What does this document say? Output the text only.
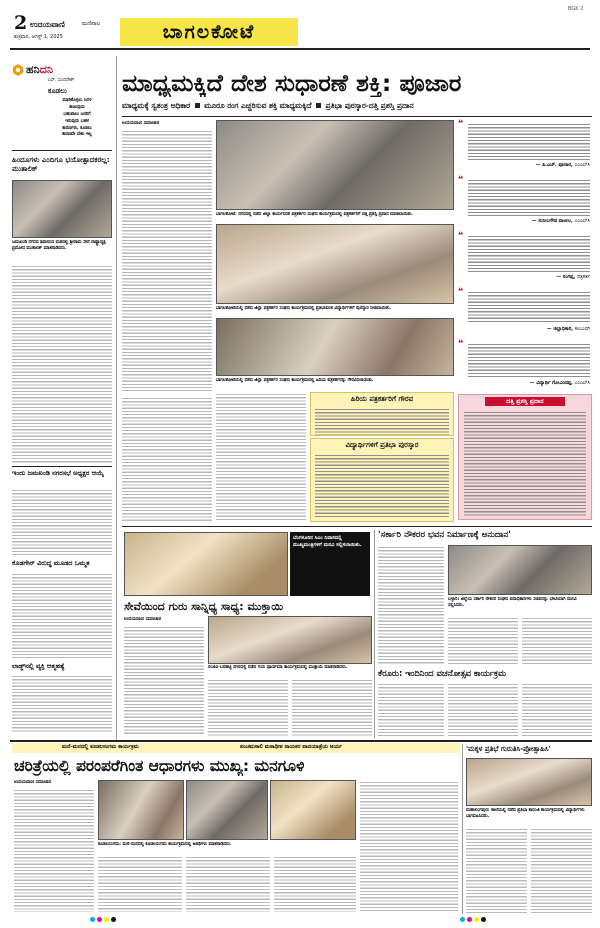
2 ಉದಯವಾಣಿ	ಮಣಿಪಾಲ
ಶುಕ್ರವಾರ, ಆಗಸ್ಟ್ 1, 2025	ಬಾಗಲಕೋಟೆ
BGK 2
ಹನಿದನಿ
ಎಸ್. ಸುಂದರೇಶ್
ಕೂಡಲು
ಮಾಡಿಕೊಳ್ಳಲು ಜಗಳ
ಕಾಣುವುದು
ಬಹುಪಾಲು ಜನರಿಗೆ
ಇರುವುದು ಬಹಳ
ಕಾರಣಗಳು, ಕೂಡಲು
ಕಾರಣವೇ ಬೇಕು ಇಲ್ಲ
ಹಿಂದೂಗಳು ಎಂದಿಗೂ ಭಯೋತ್ಪಾದಕರಲ್ಲ: ಮುತಾಲಿಕ್
ಜಮಖಂಡಿ ನಗರದ ಶಿವಾನಂದ ಮಠದಲ್ಲಿ ಶ್ರೀರಾಮ ಸೇನೆ ರಾಷ್ಟ್ರಾಧ್ಯಕ್ಷ ಪ್ರಮೋದ ಮುತಾಲಿಕ್ ಮಾತನಾಡಿದರು.
ಇಂದು ಜಮಖಂಡಿ ನಗರಸಭೆ ಅಧ್ಯಕ್ಷರ ಆಯ್ಕೆ
ಕೊಡಗೇನ್ ವಿರುದ್ಧ ಮೂಡದ ಒಮ್ಮತ
ಲಾಡ್ಜ್‌ನಲ್ಲಿ ವ್ಯಕ್ತಿ ಆತ್ಮಹತ್ಯೆ
ಮಾಧ್ಯಮಕ್ಕಿದೆ ದೇಶ ಸುಧಾರಣೆ ಶಕ್ತಿ: ಪೂಜಾರ
ಮಾಧ್ಯಮಕ್ಕೆ ಸ್ವತಂತ್ರ ಅಧಿಕಾರ ಮೂರೂ ರಂಗ ಎಚ್ಚರಿಸುವ ಶಕ್ತಿ ಮಾಧ್ಯಮಕ್ಕಿದೆ ಪ್ರತಿಭಾ ಪುರಸ್ಕಾರ-ದತ್ತಿ ಪ್ರಶಸ್ತಿ ಪ್ರದಾನ
ಉದಯವಾಣಿ ಸಮಾಚಾರ
ಬಾಗಲಕೋಟೆ: ನಗರದಲ್ಲಿ ನಡೆದ ಜಿಲ್ಲಾ ಕಾರ್ಯನಿರತ ಪತ್ರಕರ್ತರ ಸಂಘದ ಕಾರ್ಯಕ್ರಮದಲ್ಲಿ ಪತ್ರಕರ್ತರಿಗೆ ದತ್ತಿ ಪ್ರಶಸ್ತಿ ಪ್ರದಾನ ಮಾಡಲಾಯಿತು.
ಬಾಗಲಕೋಟೆಯಲ್ಲಿ ನಡೆದ ಜಿಲ್ಲಾ ಪತ್ರಕರ್ತರ ಸಂಘದ ಕಾರ್ಯಕ್ರಮದಲ್ಲಿ ಪ್ರತಿಭಾವಂತ ವಿದ್ಯಾರ್ಥಿಗಳಿಗೆ ಪುರಸ್ಕಾರ ನೀಡಲಾಯಿತು.
ಬಾಗಲಕೋಟೆಯಲ್ಲಿ ನಡೆದ ಜಿಲ್ಲಾ ಪತ್ರಕರ್ತರ ಸಂಘದ ಕಾರ್ಯಕ್ರಮದಲ್ಲಿ ಹಿರಿಯ ಪತ್ರಕರ್ತರನ್ನು ಗೌರವಿಸಲಾಯಿತು.
ಹಿರಿಯ ಪತ್ರಕರ್ತರಿಗೆ ಗೌರವ
ವಿದ್ಯಾರ್ಥಿಗಳಿಗೆ ಪ್ರತಿಭಾ ಪುರಸ್ಕಾರ
ದತ್ತಿ ಪ್ರಶಸ್ತಿ ಪ್ರದಾನ
❝
— ಪಿ.ಎಚ್. ಪೂಜಾರ, ಎಂಎಲ್‌ಸಿ
❝
— ಸುನೀಲಗೌಡ ಪಾಟೀಲ, ಎಂಎಲ್‌ಸಿ
❝
— ಸಂಗಪ್ಪ, ಪತ್ರಕರ್ತ
❝
— ಜಿಲ್ಲಾಧಿಕಾರಿ, ಕಲಬುರಗಿ
❝
— ವಿದ್ಯಾರ್ಥಿ ಗೋವಿಂದಪ್ಪ, ಎಂಎಲ್‌ಸಿ
ಬೆಂಗಳೂರಿನ ಸಿಎಂ ನಿವಾಸದಲ್ಲಿ ಮುಖ್ಯಮಂತ್ರಿಗಳಿಗೆ ಮನವಿ ಸಲ್ಲಿಸಲಾಯಿತು.
ಸೇವೆಯಿಂದ ಗುರು ಸಾನ್ನಿಧ್ಯ ಸಾಧ್ಯ: ಮುಕ್ತಾಯಿ
ಉದಯವಾಣಿ ಸಮಾಚಾರ
ರಬಕವಿ-ಬನಹಟ್ಟಿ ನಗರದಲ್ಲಿ ನಡೆದ ಗುರು ಪೂರ್ಣಿಮಾ ಕಾರ್ಯಕ್ರಮದಲ್ಲಿ ಮುಕ್ತಾಯಿ ಮಾತನಾಡಿದರು.
'ಸರ್ಕಾರಿ ನೌಕರರ ಭವನ ನಿರ್ಮಾಣಕ್ಕೆ ಅನುದಾನ'
ಬಳ್ಳಾರಿ: ಜಿಲ್ಲೆಯ ಸರ್ಕಾರಿ ನೌಕರರ ಸಂಘದ ಪದಾಧಿಕಾರಿಗಳು ಸಚಿವರನ್ನು ಭೇಟಿಯಾಗಿ ಮನವಿ ಸಲ್ಲಿಸಿದರು.
ಕೆರೂರು: ಇಂದಿನಿಂದ ವಚನೋತ್ಸವ ಕಾರ್ಯಕ್ರಮ
ಮನೆ-ಮನದಲ್ಲಿ ಕೂಡಲಸಂಗಮ ಕಾರ್ಯಕ್ರಮ	ಪಂಚಮಸಾಲಿ ಮಠಾಧೀಶ ನಾಯಕರ ಪಾದಯಾತ್ರೆಯ ಆರ್ಯ
ಚರಿತ್ರೆಯಲ್ಲಿ ಪರಂಪರೆಗಿಂತ ಆಧಾರಗಳು ಮುಖ್ಯ: ಮನಗೂಳಿ
ಉದಯವಾಣಿ ಸಮಾಚಾರ
ಕೂಡಲಸಂಗಮ: ಮನೆ-ಮನದಲ್ಲಿ ಕೂಡಲಸಂಗಮ ಕಾರ್ಯಕ್ರಮದಲ್ಲಿ ಅತಿಥಿಗಳು ಮಾತನಾಡಿದರು.
'ಮಕ್ಕಳ ಪ್ರತಿಭೆ ಗುರುತಿಸಿ-ಪ್ರೋತ್ಸಾಹಿಸಿ'
ಮಹಾಲಿಂಗಪುರ: ಶಾಲೆಯಲ್ಲಿ ನಡೆದ ಪ್ರತಿಭಾ ಕಾರಂಜಿ ಕಾರ್ಯಕ್ರಮದಲ್ಲಿ ವಿದ್ಯಾರ್ಥಿಗಳು ಭಾಗವಹಿಸಿದರು.
